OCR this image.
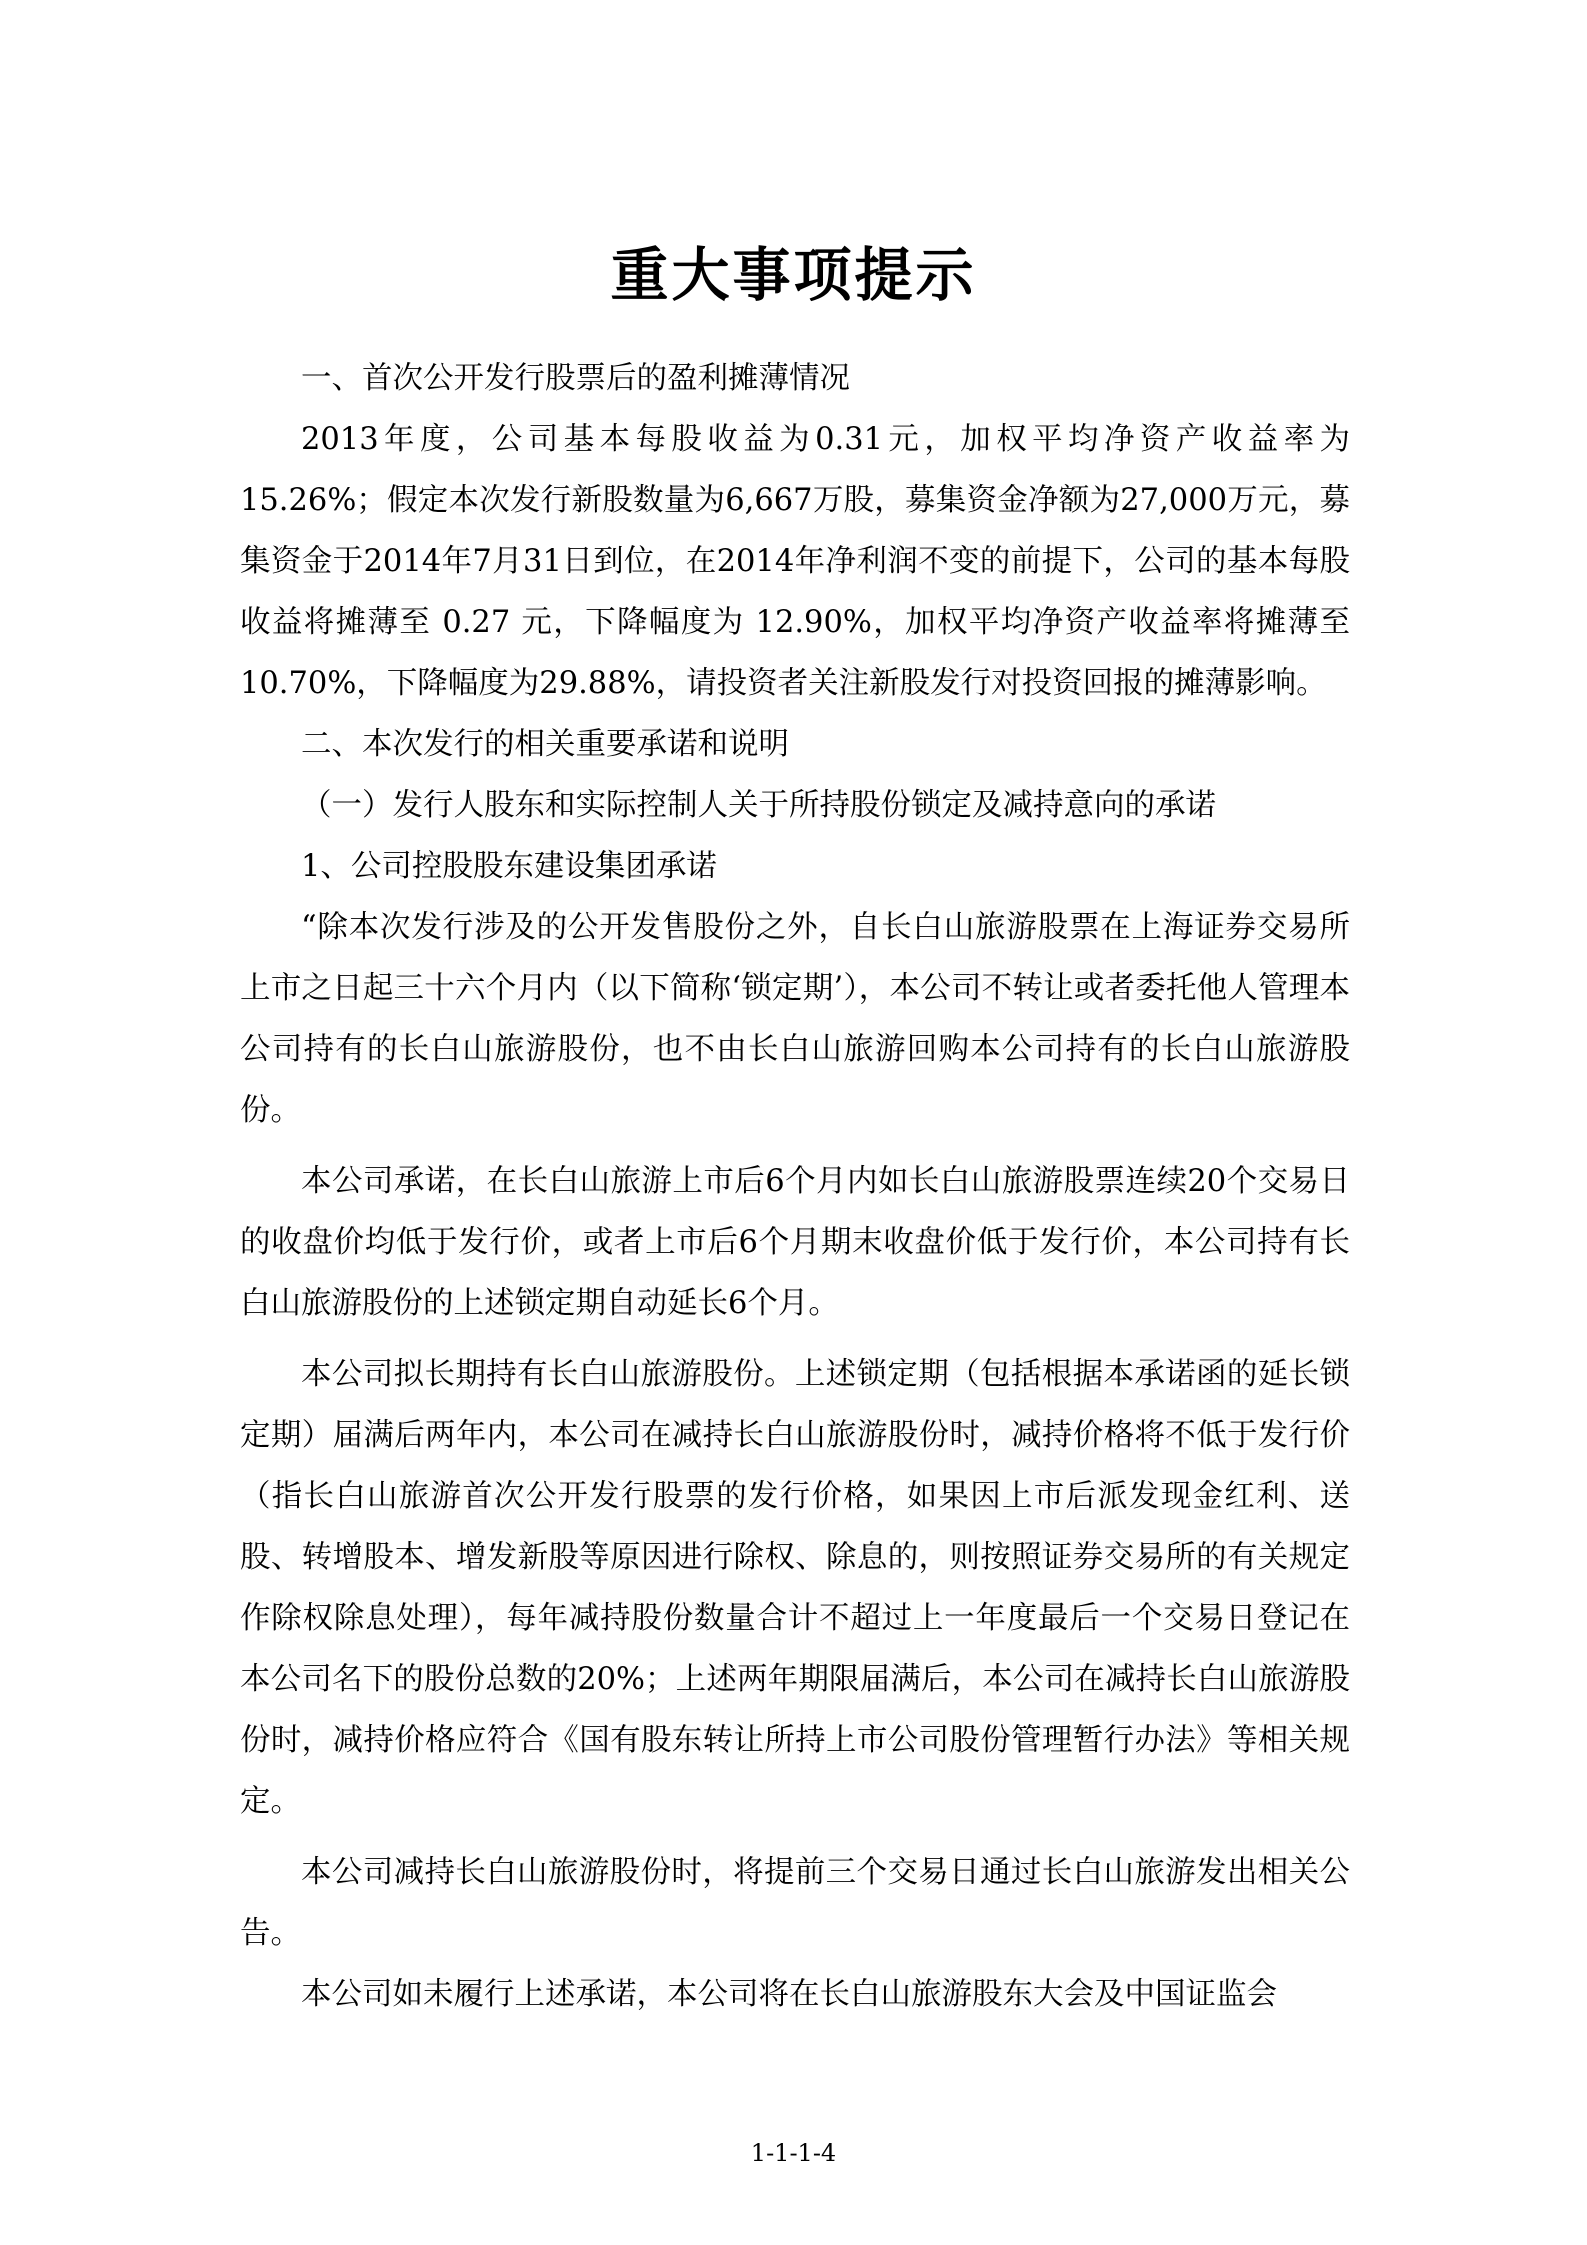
重大事项提示

一、首次公开发行股票后的盈利摊薄情况

2013年度，公司基本每股收益为0.31元，加权平均净资产收益率为15.26%；假定本次发行新股数量为6,667万股，募集资金净额为27,000万元，募集资金于2014年7月31日到位，在2014年净利润不变的前提下，公司的基本每股收益将摊薄至 0.27 元，下降幅度为 12.90%，加权平均净资产收益率将摊薄至10.70%，下降幅度为29.88%，请投资者关注新股发行对投资回报的摊薄影响。

二、本次发行的相关重要承诺和说明

（一）发行人股东和实际控制人关于所持股份锁定及减持意向的承诺

1、公司控股股东建设集团承诺

“除本次发行涉及的公开发售股份之外，自长白山旅游股票在上海证券交易所上市之日起三十六个月内（以下简称‘锁定期’），本公司不转让或者委托他人管理本公司持有的长白山旅游股份，也不由长白山旅游回购本公司持有的长白山旅游股份。

本公司承诺，在长白山旅游上市后6个月内如长白山旅游股票连续20个交易日的收盘价均低于发行价，或者上市后6个月期末收盘价低于发行价，本公司持有长白山旅游股份的上述锁定期自动延长6个月。

本公司拟长期持有长白山旅游股份。上述锁定期（包括根据本承诺函的延长锁定期）届满后两年内，本公司在减持长白山旅游股份时，减持价格将不低于发行价（指长白山旅游首次公开发行股票的发行价格，如果因上市后派发现金红利、送股、转增股本、增发新股等原因进行除权、除息的，则按照证券交易所的有关规定作除权除息处理），每年减持股份数量合计不超过上一年度最后一个交易日登记在本公司名下的股份总数的20%；上述两年期限届满后，本公司在减持长白山旅游股份时，减持价格应符合《国有股东转让所持上市公司股份管理暂行办法》等相关规定。

本公司减持长白山旅游股份时，将提前三个交易日通过长白山旅游发出相关公告。

本公司如未履行上述承诺，本公司将在长白山旅游股东大会及中国证监会

1-1-1-4
